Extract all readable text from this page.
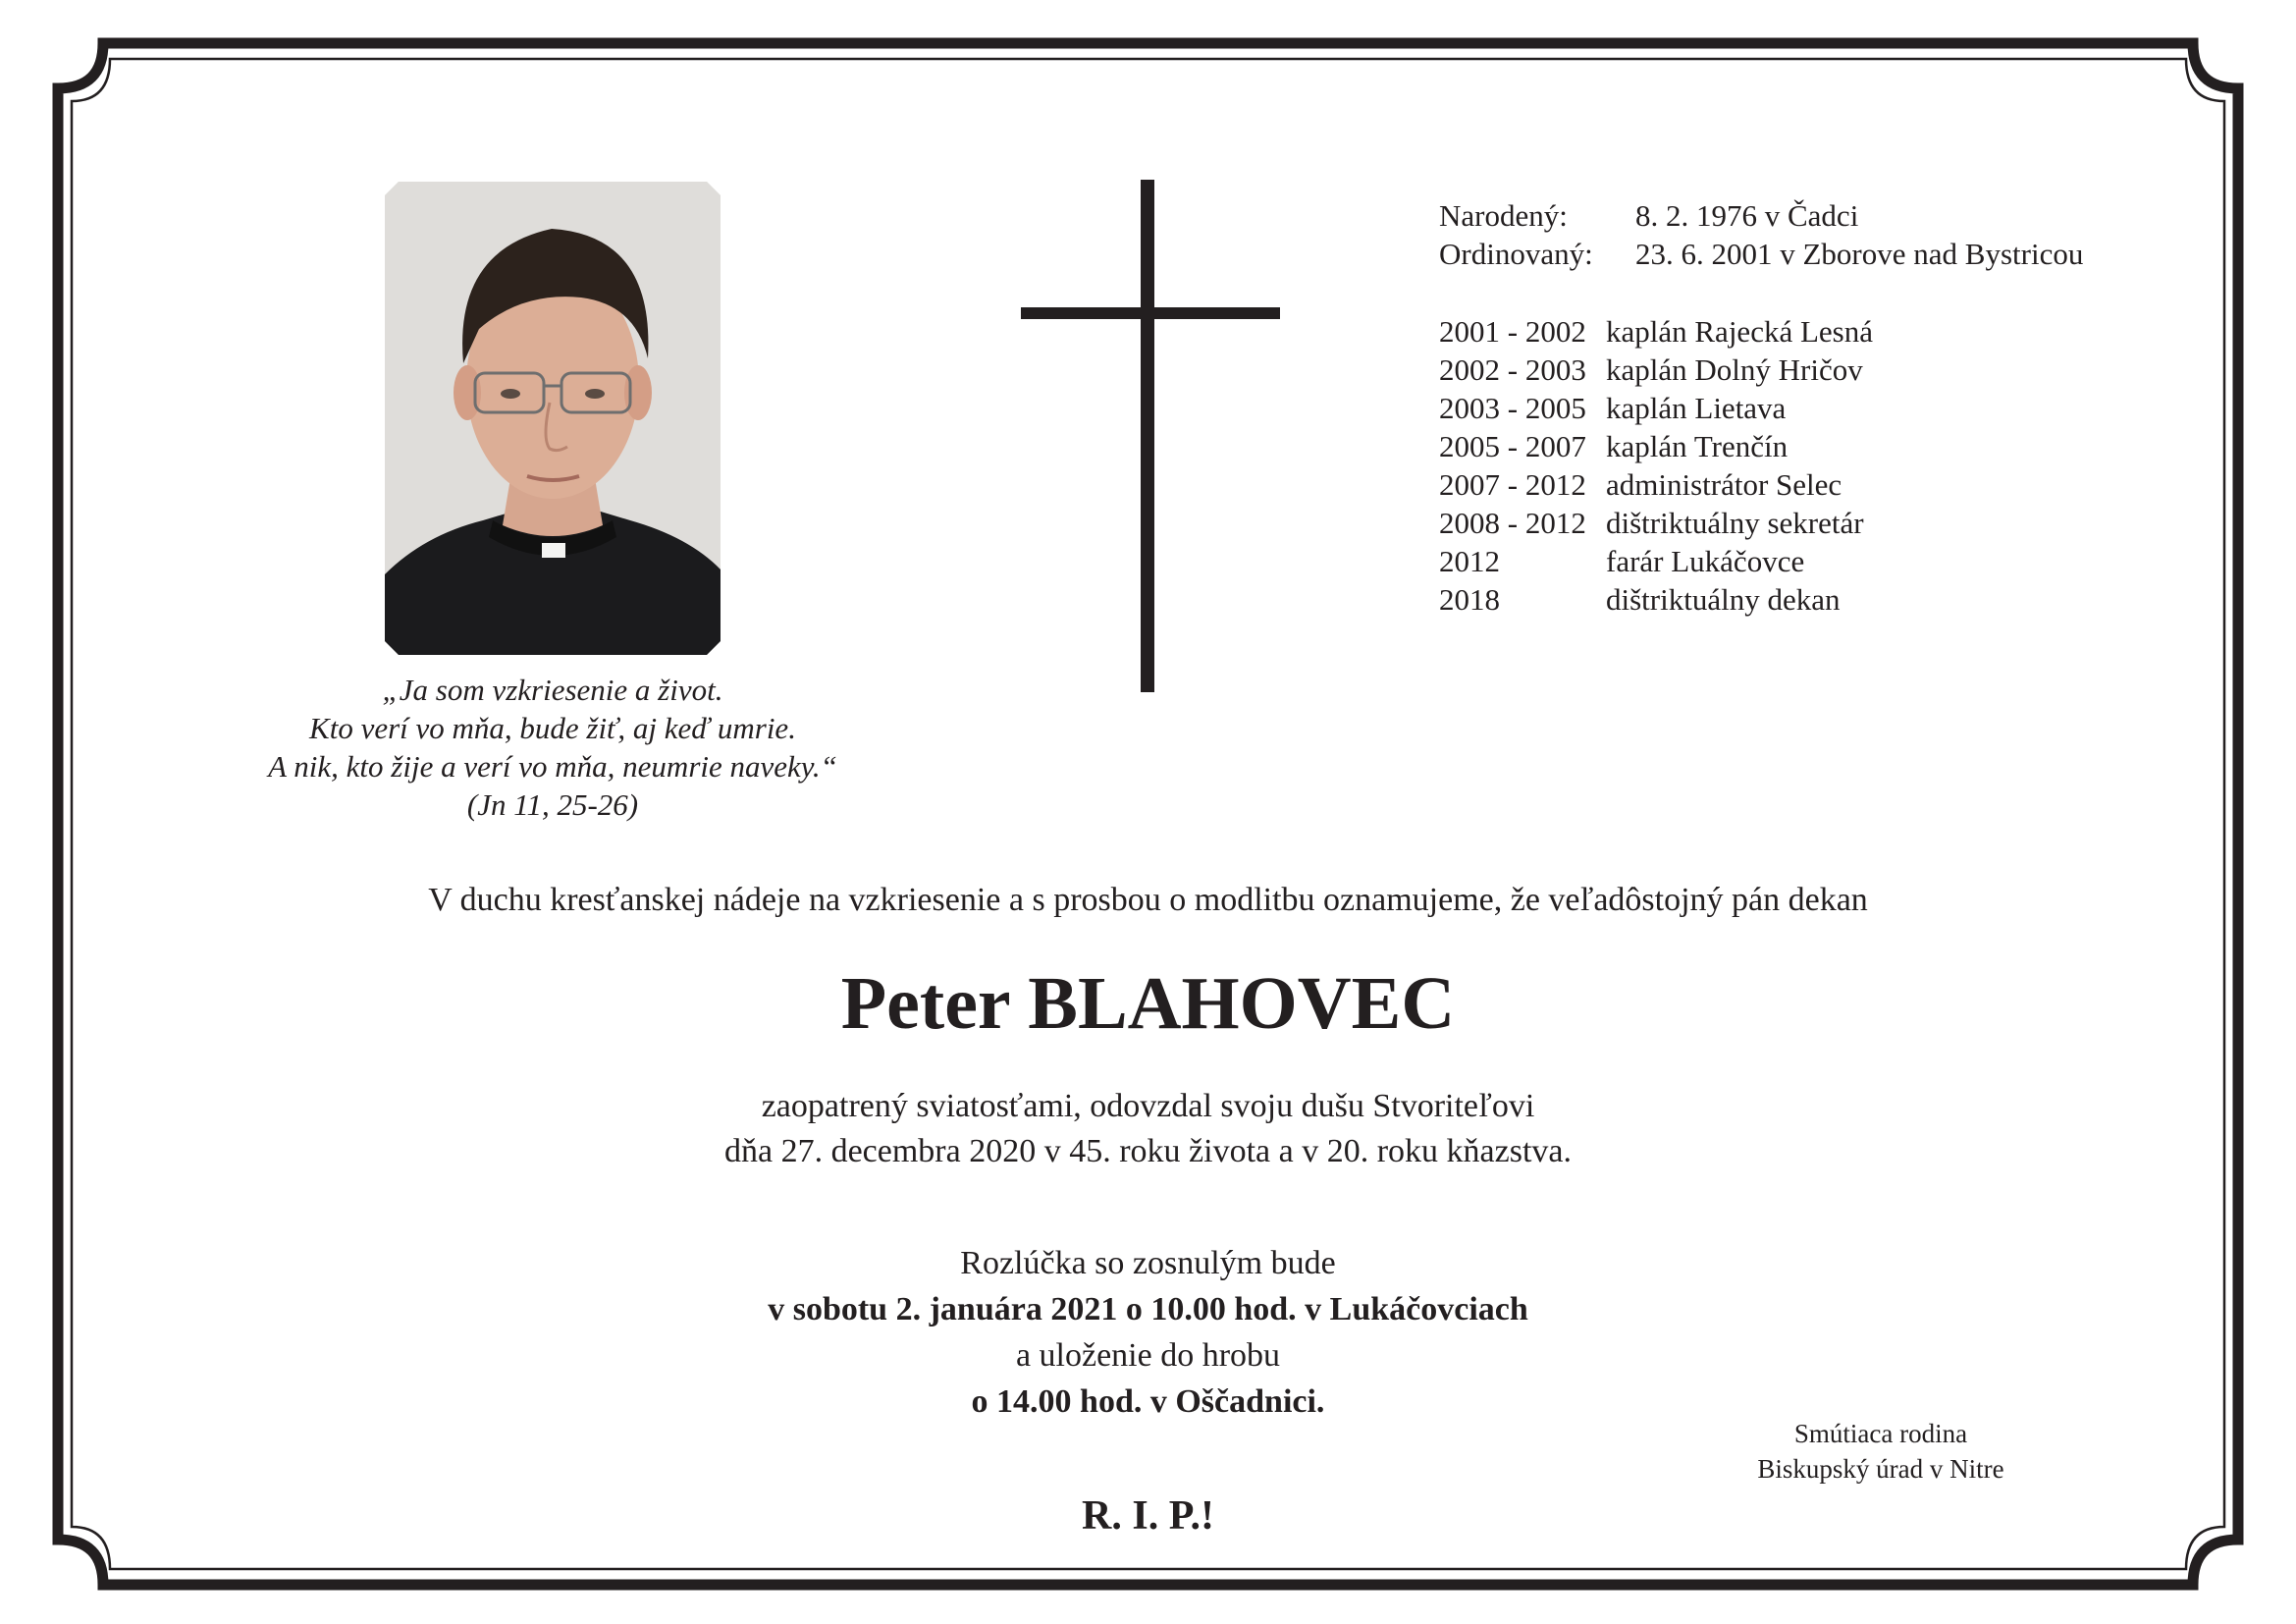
„Ja som vzkriesenie a život.
Kto verí vo mňa, bude žiť, aj keď umrie.
A nik, kto žije a verí vo mňa, neumrie naveky.“
(Jn 11, 25-26)
Narodený:	8. 2. 1976 v Čadci
Ordinovaný:	23. 6. 2001 v Zborove nad Bystricou
2001 - 2002 kaplán Rajecká Lesná
2002 - 2003 kaplán Dolný Hričov
2003 - 2005 kaplán Lietava
2005 - 2007 kaplán Trenčín
2007 - 2012 administrátor Selec
2008 - 2012 dištriktuálny sekretár
2012	farár Lukáčovce
2018	dištriktuálny dekan
V duchu kresťanskej nádeje na vzkriesenie a s prosbou o modlitbu oznamujeme, že veľadôstojný pán dekan
Peter BLAHOVEC
zaopatrený sviatosťami, odovzdal svoju dušu Stvoriteľovi
dňa 27. decembra 2020 v 45. roku života a v 20. roku kňazstva.
Rozlúčka so zosnulým bude
v sobotu 2. januára 2021 o 10.00 hod. v Lukáčovciach
a uloženie do hrobu
o 14.00 hod. v Oščadnici.
Smútiaca rodina
Biskupský úrad v Nitre
R. I. P.!
